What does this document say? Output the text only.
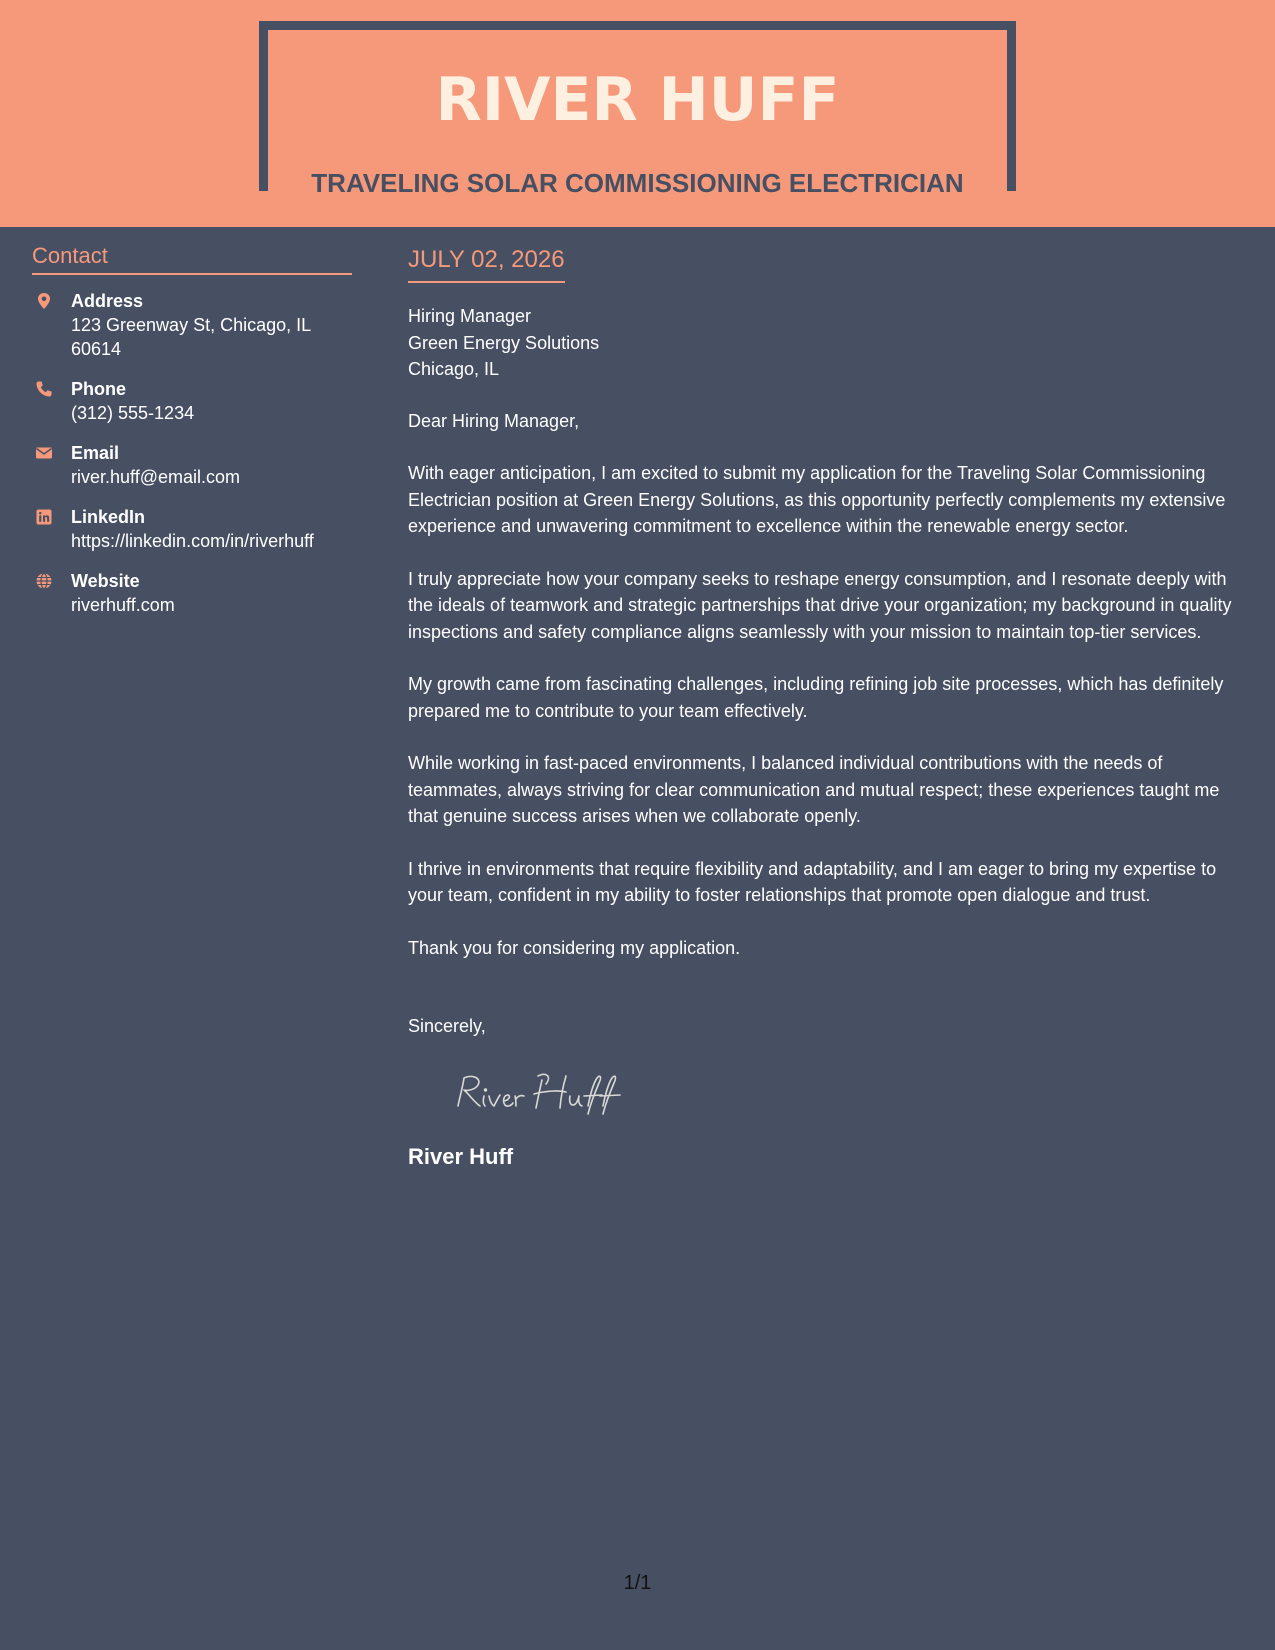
RIVER HUFF
TRAVELING SOLAR COMMISSIONING ELECTRICIAN
Contact
Address
123 Greenway St, Chicago, IL
60614
Phone
(312) 555-1234
Email
river.huff@email.com
LinkedIn
https://linkedin.com/in/riverhuff
Website
riverhuff.com
JULY 02, 2026
Hiring Manager
Green Energy Solutions
Chicago, IL
Dear Hiring Manager,
With eager anticipation, I am excited to submit my application for the Traveling Solar Commissioning Electrician position at Green Energy Solutions, as this opportunity perfectly complements my extensive experience and unwavering commitment to excellence within the renewable energy sector.
I truly appreciate how your company seeks to reshape energy consumption, and I resonate deeply with the ideals of teamwork and strategic partnerships that drive your organization; my background in quality inspections and safety compliance aligns seamlessly with your mission to maintain top-tier services.
My growth came from fascinating challenges, including refining job site processes, which has definitely prepared me to contribute to your team effectively.
While working in fast-paced environments, I balanced individual contributions with the needs of teammates, always striving for clear communication and mutual respect; these experiences taught me that genuine success arises when we collaborate openly.
I thrive in environments that require flexibility and adaptability, and I am eager to bring my expertise to your team, confident in my ability to foster relationships that promote open dialogue and trust.
Thank you for considering my application.
Sincerely,
River Huff
1/1
